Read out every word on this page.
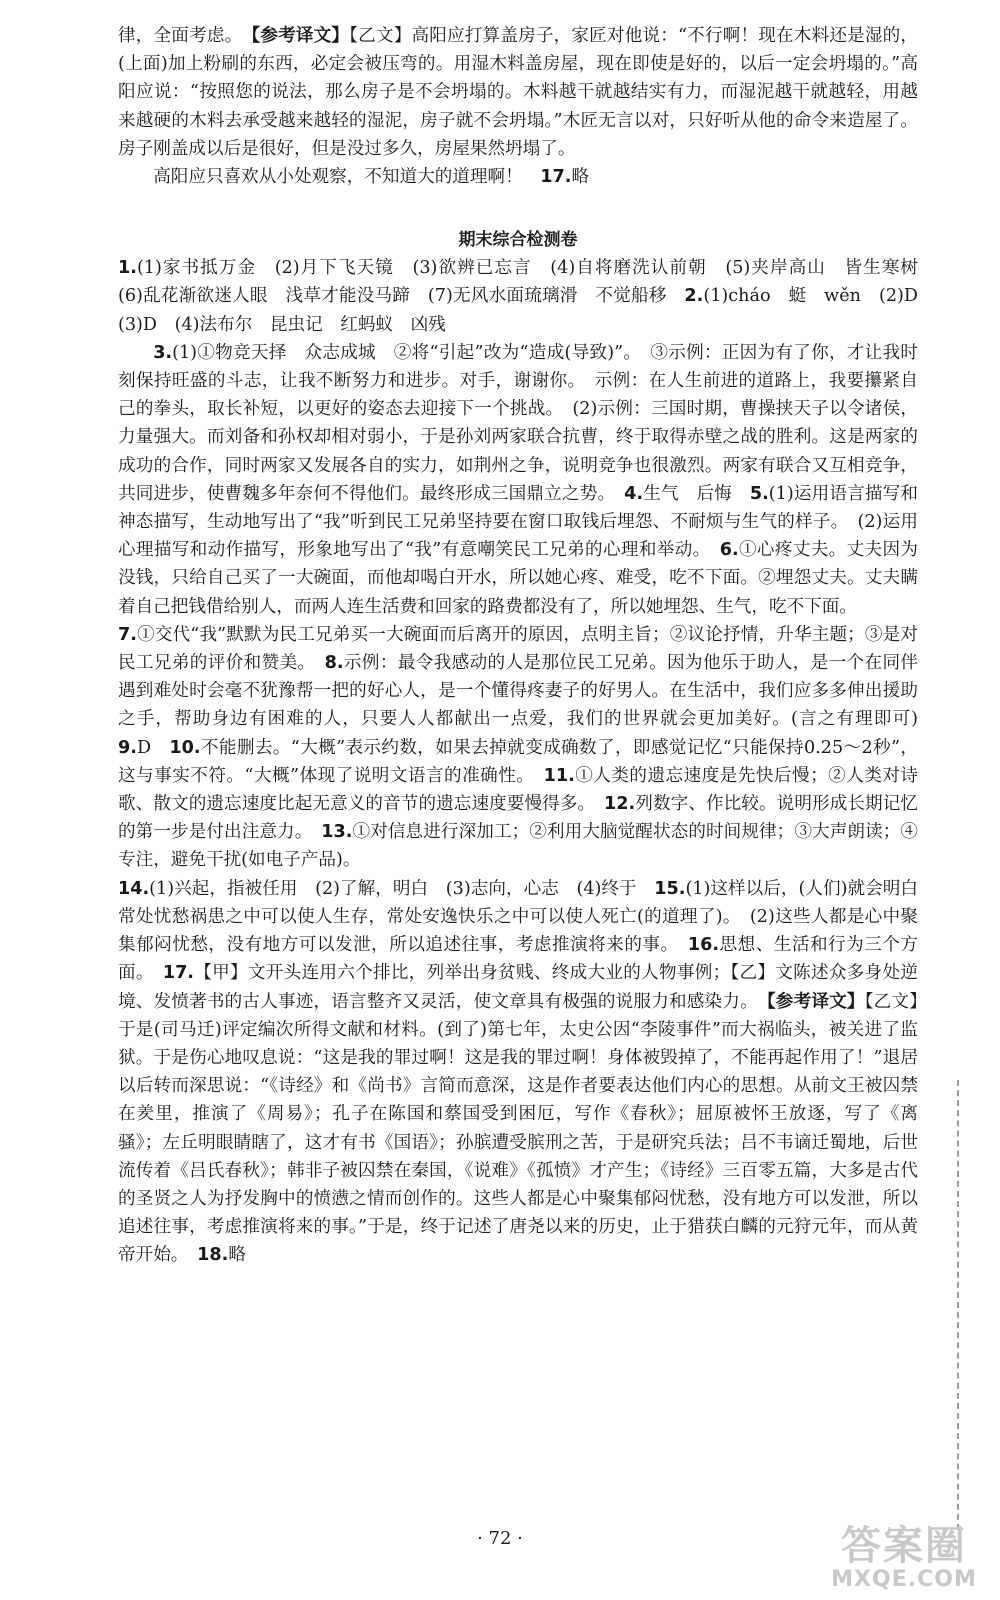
律，全面考虑。　【参考译文】【乙文】高阳应打算盖房子，家匠对他说：“不行啊！现在木料还是湿的，(上面)加上粉刷的东西，必定会被压弯的。用湿木料盖房屋，现在即使是好的，以后一定会坍塌的。”高阳应说：“按照您的说法，那么房子是不会坍塌的。木料越干就越结实有力，而湿泥越干就越轻，用越来越硬的木料去承受越来越轻的湿泥，房子就不会坍塌。”木匠无言以对，只好听从他的命令来造屋了。房子刚盖成以后是很好，但是没过多久，房屋果然坍塌了。

高阳应只喜欢从小处观察，不知道大的道理啊！　17.略

期末综合检测卷

1.(1)家书抵万金　(2)月下飞天镜　(3)欲辨已忘言　(4)自将磨洗认前朝　(5)夹岸高山　皆生寒树　(6)乱花渐欲迷人眼　浅草才能没马蹄　(7)无风水面琉璃滑　不觉船移　2.(1)cháo　蜓　wěn　(2)D　(3)D　(4)法布尔　昆虫记　红蚂蚁　凶残

3.(1)①物竞天择　众志成城　②将“引起”改为“造成(导致)”。　③示例：正因为有了你，才让我时刻保持旺盛的斗志，让我不断努力和进步。对手，谢谢你。　示例：在人生前进的道路上，我要攥紧自己的拳头，取长补短，以更好的姿态去迎接下一个挑战。　(2)示例：三国时期，曹操挟天子以令诸侯，力量强大。而刘备和孙权却相对弱小，于是孙刘两家联合抗曹，终于取得赤壁之战的胜利。这是两家的成功的合作，同时两家又发展各自的实力，如荆州之争，说明竞争也很激烈。两家有联合又互相竞争，共同进步，使曹魏多年奈何不得他们。最终形成三国鼎立之势。　4.生气　后悔　5.(1)运用语言描写和神态描写，生动地写出了“我”听到民工兄弟坚持要在窗口取钱后埋怨、不耐烦与生气的样子。　(2)运用心理描写和动作描写，形象地写出了“我”有意嘲笑民工兄弟的心理和举动。　6.①心疼丈夫。丈夫因为没钱，只给自己买了一大碗面，而他却喝白开水，所以她心疼、难受，吃不下面。②埋怨丈夫。丈夫瞒着自己把钱借给别人，而两人连生活费和回家的路费都没有了，所以她埋怨、生气，吃不下面。

7.①交代“我”默默为民工兄弟买一大碗面而后离开的原因，点明主旨；②议论抒情，升华主题；③是对民工兄弟的评价和赞美。　8.示例：最令我感动的人是那位民工兄弟。因为他乐于助人，是一个在同伴遇到难处时会毫不犹豫帮一把的好心人，是一个懂得疼妻子的好男人。在生活中，我们应多多伸出援助之手，帮助身边有困难的人，只要人人都献出一点爱，我们的世界就会更加美好。(言之有理即可)　9.D　10.不能删去。“大概”表示约数，如果去掉就变成确数了，即感觉记忆“只能保持0.25～2秒”，这与事实不符。“大概”体现了说明文语言的准确性。　11.①人类的遗忘速度是先快后慢；②人类对诗歌、散文的遗忘速度比起无意义的音节的遗忘速度要慢得多。　12.列数字、作比较。说明形成长期记忆的第一步是付出注意力。　13.①对信息进行深加工；②利用大脑觉醒状态的时间规律；③大声朗读；④专注，避免干扰(如电子产品)。

14.(1)兴起，指被任用　(2)了解，明白　(3)志向，心志　(4)终于　15.(1)这样以后，(人们)就会明白常处忧愁祸患之中可以使人生存，常处安逸快乐之中可以使人死亡(的道理了)。　(2)这些人都是心中聚集郁闷忧愁，没有地方可以发泄，所以追述往事，考虑推演将来的事。　16.思想、生活和行为三个方面。　17.【甲】文开头连用六个排比，列举出身贫贱、终成大业的人物事例；【乙】文陈述众多身处逆境、发愤著书的古人事迹，语言整齐又灵活，使文章具有极强的说服力和感染力。　【参考译文】【乙文】于是(司马迁)评定编次所得文献和材料。(到了)第七年，太史公因“李陵事件”而大祸临头，被关进了监狱。于是伤心地叹息说：“这是我的罪过啊！这是我的罪过啊！身体被毁掉了，不能再起作用了！”退居以后转而深思说：“《诗经》和《尚书》言简而意深，这是作者要表达他们内心的思想。从前文王被囚禁在羑里，推演了《周易》；孔子在陈国和蔡国受到困厄，写作《春秋》；屈原被怀王放逐，写了《离骚》；左丘明眼睛瞎了，这才有书《国语》；孙膑遭受膑刑之苦，于是研究兵法；吕不韦谪迁蜀地，后世流传着《吕氏春秋》；韩非子被囚禁在秦国，《说难》《孤愤》才产生；《诗经》三百零五篇，大多是古代的圣贤之人为抒发胸中的愤懑之情而创作的。这些人都是心中聚集郁闷忧愁，没有地方可以发泄，所以追述往事，考虑推演将来的事。”于是，终于记述了唐尧以来的历史，止于猎获白麟的元狩元年，而从黄帝开始。　18.略

· 72 ·	答案圈
MXQE.COM
